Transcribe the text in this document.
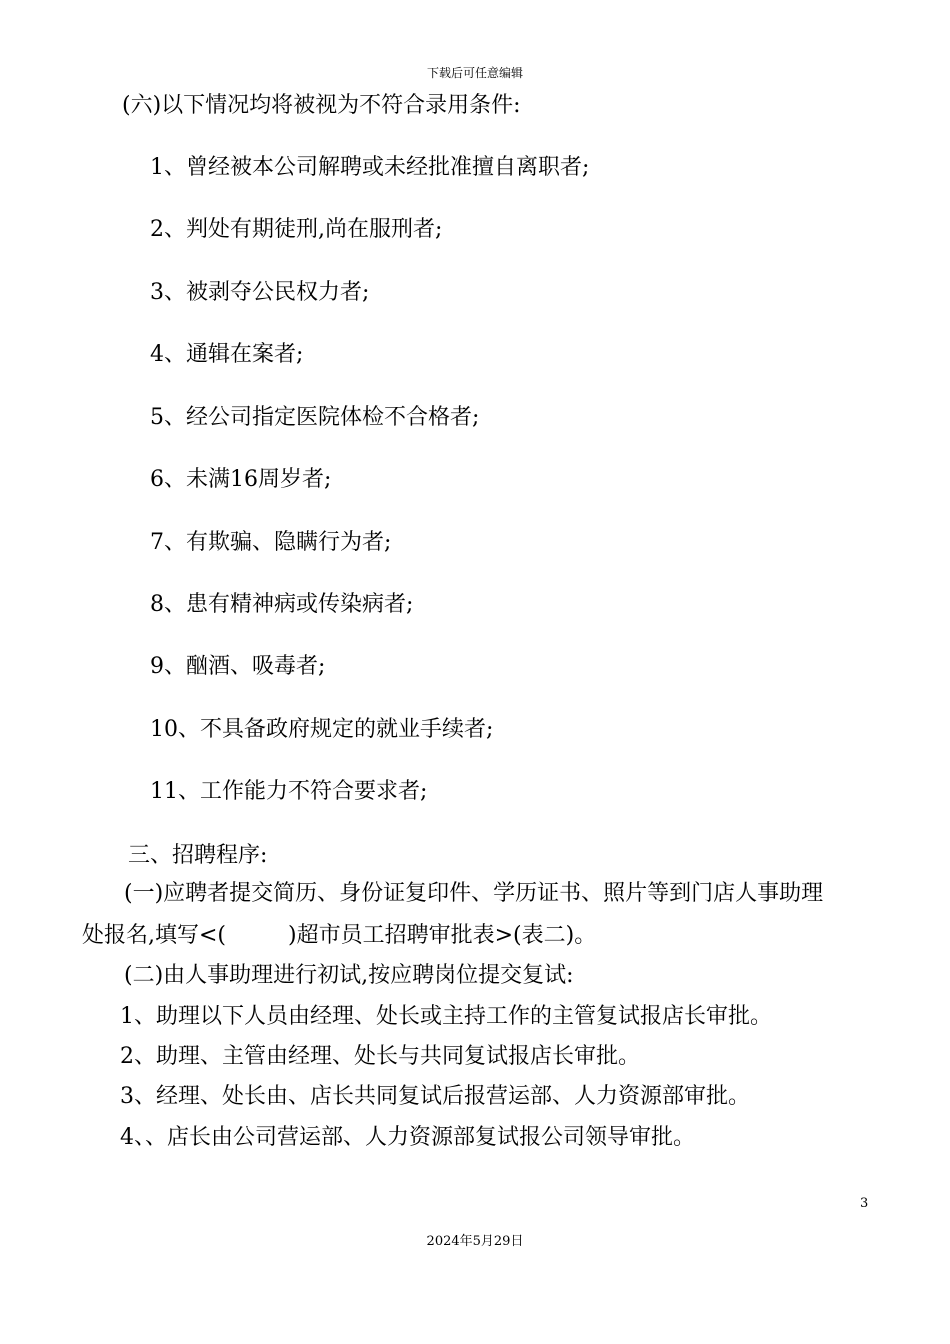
下载后可任意编辑
(六)以下情况均将被视为不符合录用条件:
1、曾经被本公司解聘或未经批准擅自离职者;
2、判处有期徒刑,尚在服刑者;
3、被剥夺公民权力者;
4、通辑在案者;
5、经公司指定医院体检不合格者;
6、未满16周岁者;
7、有欺骗、隐瞒行为者;
8、患有精神病或传染病者;
9、酗酒、吸毒者;
10、不具备政府规定的就业手续者;
11、工作能力不符合要求者;
三、招聘程序:
(一)应聘者提交简历、身份证复印件、学历证书、照片等到门店人事助理
处报名,填写<(	)超市员工招聘审批表>(表二)。
(二)由人事助理进行初试,按应聘岗位提交复试:
1、助理以下人员由经理、处长或主持工作的主管复试报店长审批。
2、助理、主管由经理、处长与共同复试报店长审批。
3、经理、处长由、店长共同复试后报营运部、人力资源部审批。
4、、店长由公司营运部、人力资源部复试报公司领导审批。
3
2024年5月29日
